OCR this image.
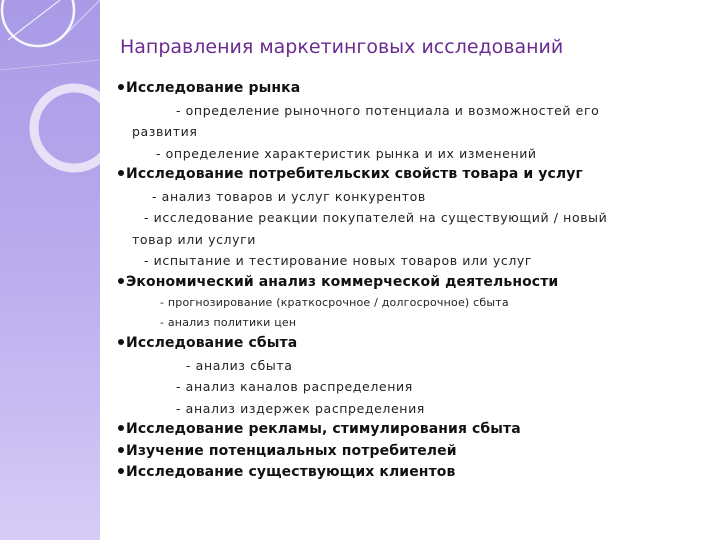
Направления маркетинговых исследований
Исследование рынка
- определение рыночного потенциала и возможностей его
развития
- определение характеристик рынка и их изменений
Исследование потребительских свойств товара и услуг
- анализ товаров и услуг конкурентов
- исследование реакции покупателей на существующий / новый
товар или услуги
- испытание и тестирование новых товаров или услуг
Экономический анализ коммерческой деятельности
- прогнозирование (краткосрочное / долгосрочное) сбыта
- анализ политики цен
Исследование сбыта
- анализ сбыта
- анализ каналов распределения
- анализ издержек распределения
Исследование рекламы, стимулирования сбыта
Изучение потенциальных потребителей
Исследование существующих клиентов
